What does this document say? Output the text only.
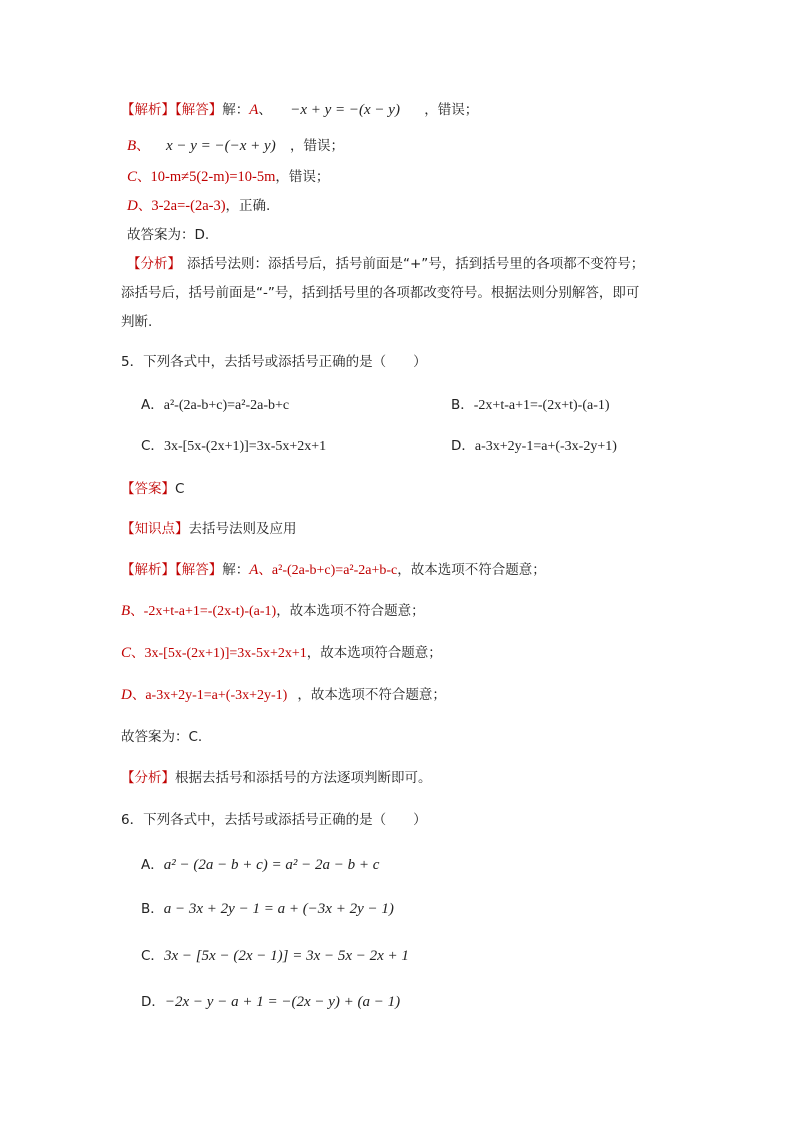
【解析】【解答】解：A、 −x + y = −(x − y) ，错误；
B、 x − y = −(−x + y) ，错误；
C、10-m≠5(2-m)=10-5m，错误；
D、3-2a=-(2a-3)，正确.
故答案为：D.
【分析】 添括号法则：添括号后，括号前面是“+”号，括到括号里的各项都不变符号；
添括号后，括号前面是“-”号，括到括号里的各项都改变符号。根据法则分别解答，即可
判断.
5．下列各式中，去括号或添括号正确的是（　　）
A．a²-(2a-b+c)=a²-2a-b+c	B．-2x+t-a+1=-(2x+t)-(a-1)
C．3x-[5x-(2x+1)]=3x-5x+2x+1	D．a-3x+2y-1=a+(-3x-2y+1)
【答案】C
【知识点】去括号法则及应用
【解析】【解答】解：A、a²-(2a-b+c)=a²-2a+b-c，故本选项不符合题意；
B、-2x+t-a+1=-(2x-t)-(a-1)，故本选项不符合题意；
C、3x-[5x-(2x+1)]=3x-5x+2x+1，故本选项符合题意；
D、a-3x+2y-1=a+(-3x+2y-1) ，故本选项不符合题意；
故答案为：C.
【分析】根据去括号和添括号的方法逐项判断即可。
6．下列各式中，去括号或添括号正确的是（　　）
A．a² − (2a − b + c) = a² − 2a − b + c
B．a − 3x + 2y − 1 = a + (−3x + 2y − 1)
C．3x − [5x − (2x − 1)] = 3x − 5x − 2x + 1
D．−2x − y − a + 1 = −(2x − y) + (a − 1)
